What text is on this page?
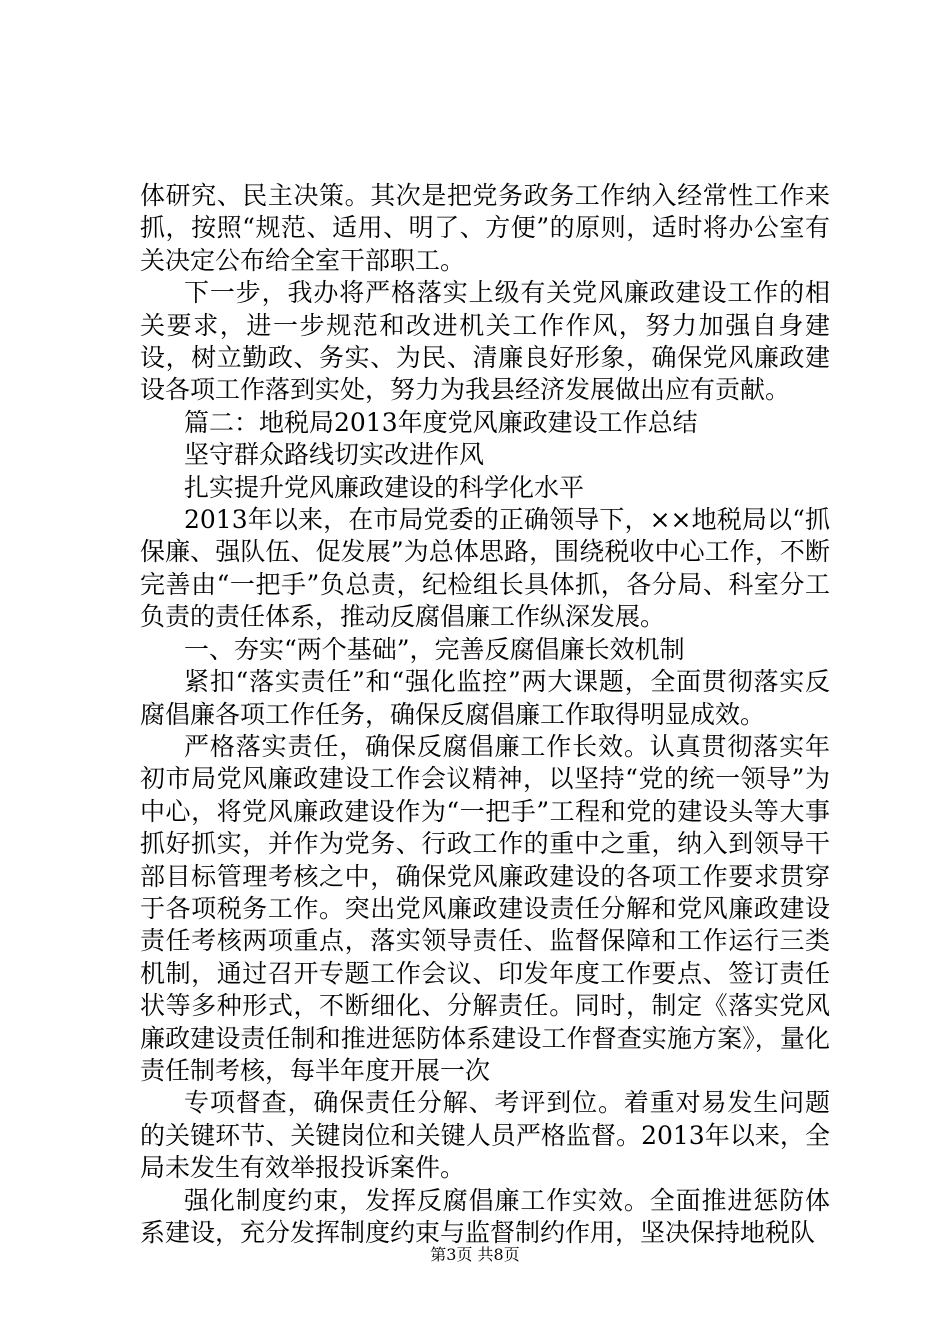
体研究、民主决策。其次是把党务政务工作纳入经常性工作来抓，按照“规范、适用、明了、方便”的原则，适时将办公室有关决定公布给全室干部职工。

下一步，我办将严格落实上级有关党风廉政建设工作的相关要求，进一步规范和改进机关工作作风，努力加强自身建设，树立勤政、务实、为民、清廉良好形象，确保党风廉政建设各项工作落到实处，努力为我县经济发展做出应有贡献。

篇二：地税局2013年度党风廉政建设工作总结

坚守群众路线切实改进作风

扎实提升党风廉政建设的科学化水平

2013年以来，在市局党委的正确领导下，××地税局以“抓保廉、强队伍、促发展”为总体思路，围绕税收中心工作，不断完善由“一把手”负总责，纪检组长具体抓，各分局、科室分工负责的责任体系，推动反腐倡廉工作纵深发展。

一、夯实“两个基础”，完善反腐倡廉长效机制

紧扣“落实责任”和“强化监控”两大课题，全面贯彻落实反腐倡廉各项工作任务，确保反腐倡廉工作取得明显成效。

严格落实责任，确保反腐倡廉工作长效。认真贯彻落实年初市局党风廉政建设工作会议精神，以坚持“党的统一领导”为中心，将党风廉政建设作为“一把手”工程和党的建设头等大事抓好抓实，并作为党务、行政工作的重中之重，纳入到领导干部目标管理考核之中，确保党风廉政建设的各项工作要求贯穿于各项税务工作。突出党风廉政建设责任分解和党风廉政建设责任考核两项重点，落实领导责任、监督保障和工作运行三类机制，通过召开专题工作会议、印发年度工作要点、签订责任状等多种形式，不断细化、分解责任。同时，制定《落实党风廉政建设责任制和推进惩防体系建设工作督查实施方案》，量化责任制考核，每半年度开展一次

专项督查，确保责任分解、考评到位。着重对易发生问题的关键环节、关键岗位和关键人员严格监督。2013年以来，全局未发生有效举报投诉案件。

强化制度约束，发挥反腐倡廉工作实效。全面推进惩防体系建设，充分发挥制度约束与监督制约作用，坚决保持地税队

第3页 共8页
